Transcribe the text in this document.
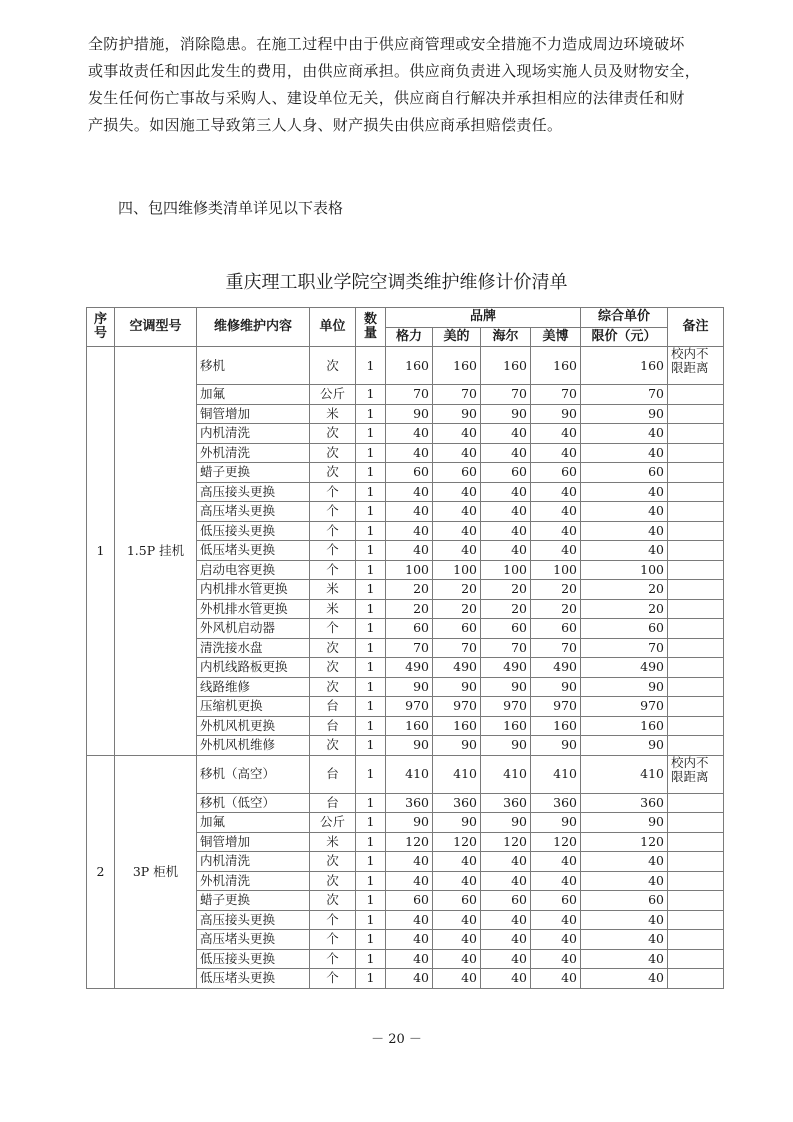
全防护措施，消除隐患。在施工过程中由于供应商管理或安全措施不力造成周边环境破坏
或事故责任和因此发生的费用，由供应商承担。供应商负责进入现场实施人员及财物安全，
发生任何伤亡事故与采购人、建设单位无关，供应商自行解决并承担相应的法律责任和财
产损失。如因施工导致第三人人身、财产损失由供应商承担赔偿责任。
四、包四维修类清单详见以下表格
重庆理工职业学院空调类维护维修计价清单
序号	空调型号	维修维护内容	单位	数量	品牌				综合单价	备注
					格力	美的	海尔	美博	限价（元）	
1	1.5P 挂机	移机	次	1	160	160	160	160	160	校内不限距离
		加氟	公斤	1	70	70	70	70	70	
		铜管增加	米	1	90	90	90	90	90	
		内机清洗	次	1	40	40	40	40	40	
		外机清洗	次	1	40	40	40	40	40	
		蜡子更换	次	1	60	60	60	60	60	
		高压接头更换	个	1	40	40	40	40	40	
		高压堵头更换	个	1	40	40	40	40	40	
		低压接头更换	个	1	40	40	40	40	40	
		低压堵头更换	个	1	40	40	40	40	40	
		启动电容更换	个	1	100	100	100	100	100	
		内机排水管更换	米	1	20	20	20	20	20	
		外机排水管更换	米	1	20	20	20	20	20	
		外风机启动器	个	1	60	60	60	60	60	
		清洗接水盘	次	1	70	70	70	70	70	
		内机线路板更换	次	1	490	490	490	490	490	
		线路维修	次	1	90	90	90	90	90	
		压缩机更换	台	1	970	970	970	970	970	
		外机风机更换	台	1	160	160	160	160	160	
		外机风机维修	次	1	90	90	90	90	90	
2	3P 柜机	移机（高空）	台	1	410	410	410	410	410	校内不限距离
		移机（低空）	台	1	360	360	360	360	360	
		加氟	公斤	1	90	90	90	90	90	
		铜管增加	米	1	120	120	120	120	120	
		内机清洗	次	1	40	40	40	40	40	
		外机清洗	次	1	40	40	40	40	40	
		蜡子更换	次	1	60	60	60	60	60	
		高压接头更换	个	1	40	40	40	40	40	
		高压堵头更换	个	1	40	40	40	40	40	
		低压接头更换	个	1	40	40	40	40	40	
		低压堵头更换	个	1	40	40	40	40	40	
－ 20 －
